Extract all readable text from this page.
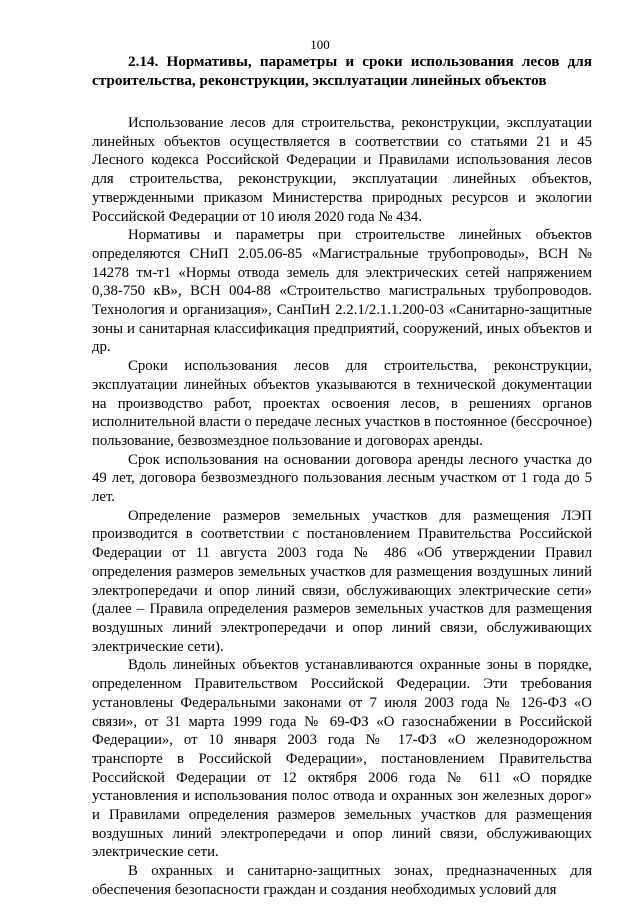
100
2.14. Нормативы, параметры и сроки использования лесов для строительства, реконструкции, эксплуатации линейных объектов

Использование лесов для строительства, реконструкции, эксплуатации линейных объектов осуществляется в соответствии со статьями 21 и 45 Лесного кодекса Российской Федерации и Правилами использования лесов для строительства, реконструкции, эксплуатации линейных объектов, утвержденными приказом Министерства природных ресурсов и экологии Российской Федерации от 10 июля 2020 года № 434.

Нормативы и параметры при строительстве линейных объектов определяются СНиП 2.05.06-85 «Магистральные трубопроводы», ВСН № 14278 тм-т1 «Нормы отвода земель для электрических сетей напряжением 0,38-750 кВ», ВСН 004-88 «Строительство магистральных трубопроводов. Технология и организация», СанПиН 2.2.1/2.1.1.200-03 «Санитарно-защитные зоны и санитарная классификация предприятий, сооружений, иных объектов и др.

Сроки использования лесов для строительства, реконструкции, эксплуатации линейных объектов указываются в технической документации на производство работ, проектах освоения лесов, в решениях органов исполнительной власти о передаче лесных участков в постоянное (бессрочное) пользование, безвозмездное пользование и договорах аренды.

Срок использования на основании договора аренды лесного участка до 49 лет, договора безвозмездного пользования лесным участком от 1 года до 5 лет.

Определение размеров земельных участков для размещения ЛЭП производится в соответствии с постановлением Правительства Российской Федерации от 11 августа 2003 года № 486 «Об утверждении Правил определения размеров земельных участков для размещения воздушных линий электропередачи и опор линий связи, обслуживающих электрические сети» (далее – Правила определения размеров земельных участков для размещения воздушных линий электропередачи и опор линий связи, обслуживающих электрические сети).

Вдоль линейных объектов устанавливаются охранные зоны в порядке, определенном Правительством Российской Федерации. Эти требования установлены Федеральными законами от 7 июля 2003 года № 126-ФЗ «О связи», от 31 марта 1999 года № 69-ФЗ «О газоснабжении в Российской Федерации», от 10 января 2003 года № 17-ФЗ «О железнодорожном транспорте в Российской Федерации», постановлением Правительства Российской Федерации от 12 октября 2006 года № 611 «О порядке установления и использования полос отвода и охранных зон железных дорог» и Правилами определения размеров земельных участков для размещения воздушных линий электропередачи и опор линий связи, обслуживающих электрические сети.

В охранных и санитарно-защитных зонах, предназначенных для обеспечения безопасности граждан и создания необходимых условий для
